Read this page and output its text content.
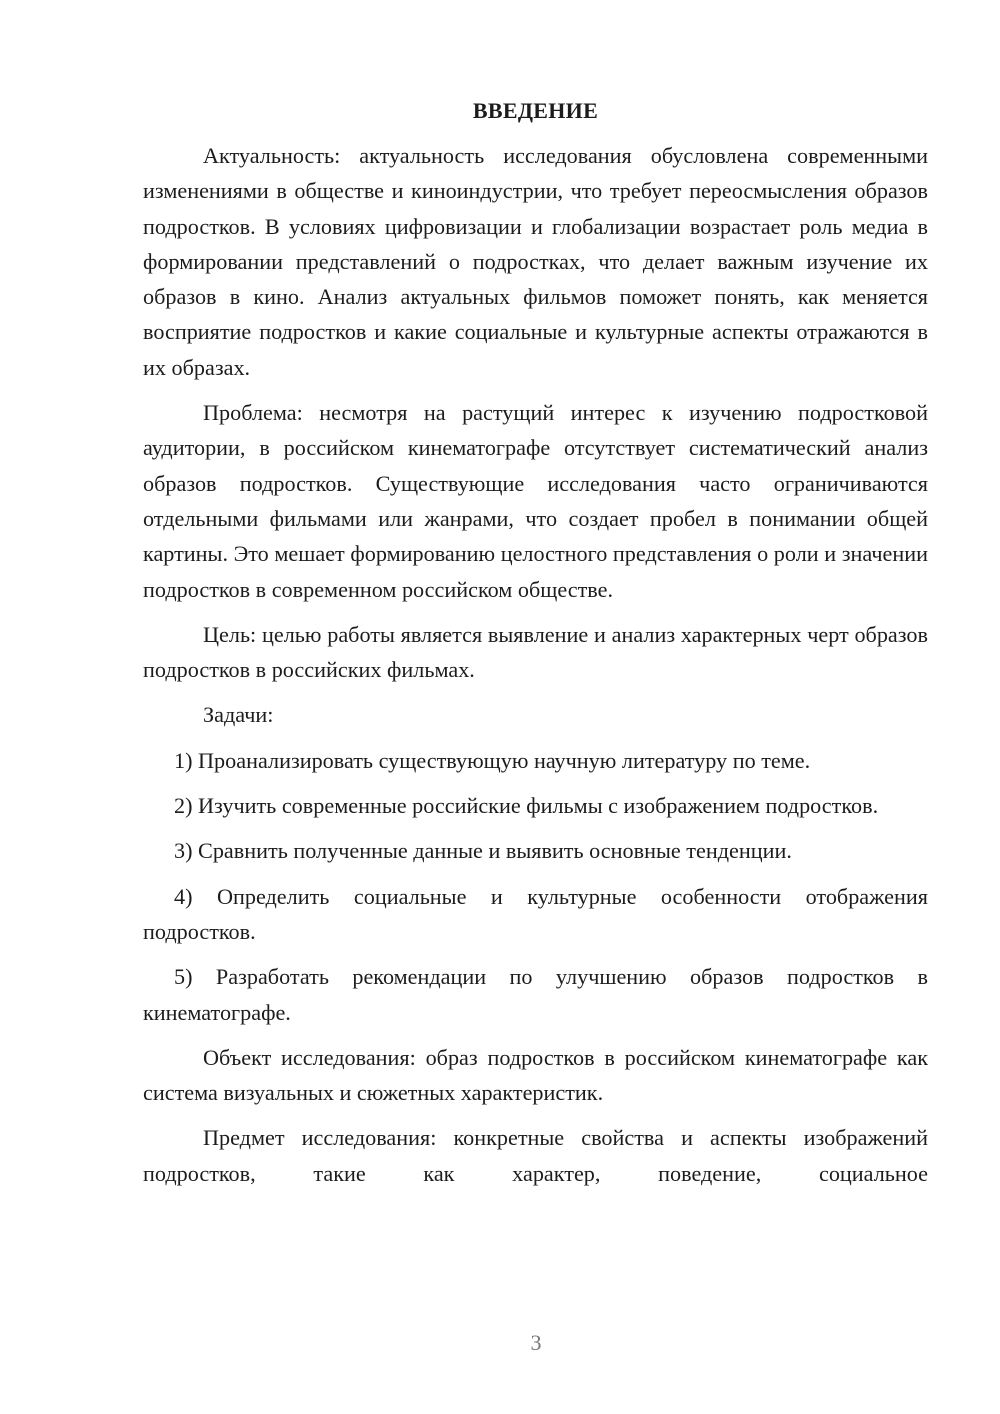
ВВЕДЕНИЕ

Актуальность: актуальность исследования обусловлена современными изменениями в обществе и киноиндустрии, что требует переосмысления образов подростков. В условиях цифровизации и глобализации возрастает роль медиа в формировании представлений о подростках, что делает важным изучение их образов в кино. Анализ актуальных фильмов поможет понять, как меняется восприятие подростков и какие социальные и культурные аспекты отражаются в их образах.

Проблема: несмотря на растущий интерес к изучению подростковой аудитории, в российском кинематографе отсутствует систематический анализ образов подростков. Существующие исследования часто ограничиваются отдельными фильмами или жанрами, что создает пробел в понимании общей картины. Это мешает формированию целостного представления о роли и значении подростков в современном российском обществе.

Цель: целью работы является выявление и анализ характерных черт образов подростков в российских фильмах.

Задачи:

1) Проанализировать существующую научную литературу по теме.

2) Изучить современные российские фильмы с изображением подростков.

3) Сравнить полученные данные и выявить основные тенденции.

4) Определить социальные и культурные особенности отображения подростков.

5) Разработать рекомендации по улучшению образов подростков в кинематографе.

Объект исследования: образ подростков в российском кинематографе как система визуальных и сюжетных характеристик.

Предмет исследования: конкретные свойства и аспекты изображений подростков, такие как характер, поведение, социальное

3
